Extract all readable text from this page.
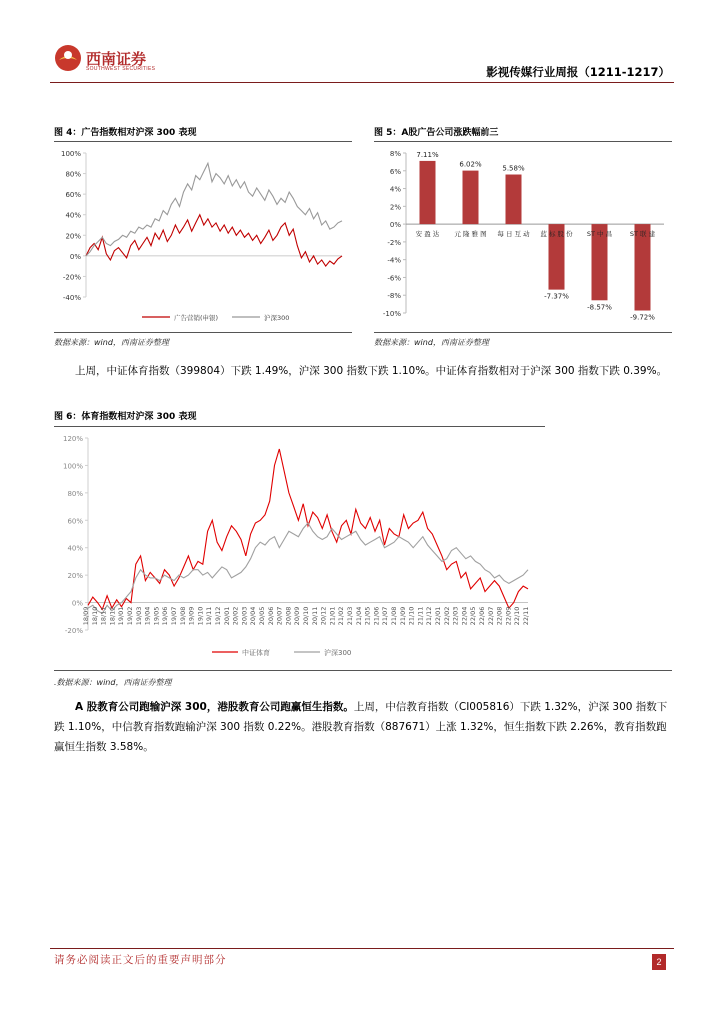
西南证券
SOUTHWEST SECURITIES	影视传媒行业周报（1211-1217）
图 4：广告指数相对沪深 300 表现
100%
80%
60%
40%
20%
0%
-20%
-40%
广告营销(申银)	沪深300
数据来源：wind，西南证券整理
图 5：A股广告公司涨跌幅前三
8%
6%
4%
2%
0%
-2%
-4%
-6%
-8%
-10%
7.11%
安 盈 达
6.02%
元 隆 雅 图
5.58%
每 日 互 动
-7.37%
蓝 标 股 份
-8.57%
ST 中 昌
-9.72%
ST 联 建
数据来源：wind，西南证券整理
上周，中证体育指数（399804）下跌 1.49%，沪深 300 指数下跌 1.10%。中证体育指数相对于沪深 300 指数下跌 0.39%。
图 6：体育指数相对沪深 300 表现
120%
100%
80%
60%
40%
20%
0%
-20%
18/09 18/10 18/11 18/12 19/01 19/02 19/03 19/04 19/05 19/06 19/07 19/08 19/09 19/10 19/11 19/12 20/01 20/02 20/03 20/04 20/05 20/06 20/07 20/08 20/09 20/10 20/11 20/12 21/01 21/02 21/03 21/04 21/05 21/06 21/07 21/08 21/09 21/10 21/11 21/12 22/01 22/02 22/03 22/04 22/05 22/06 22/07 22/08 22/09 22/10 22/11
中证体育	沪深300
.数据来源：wind，西南证券整理
A 股教育公司跑输沪深 300，港股教育公司跑赢恒生指数。上周，中信教育指数（CI005816）下跌 1.32%，沪深 300 指数下跌 1.10%，中信教育指数跑输沪深 300 指数 0.22%。港股教育指数（887671）上涨 1.32%，恒生指数下跌 2.26%，教育指数跑赢恒生指数 3.58%。
请务必阅读正文后的重要声明部分	2
